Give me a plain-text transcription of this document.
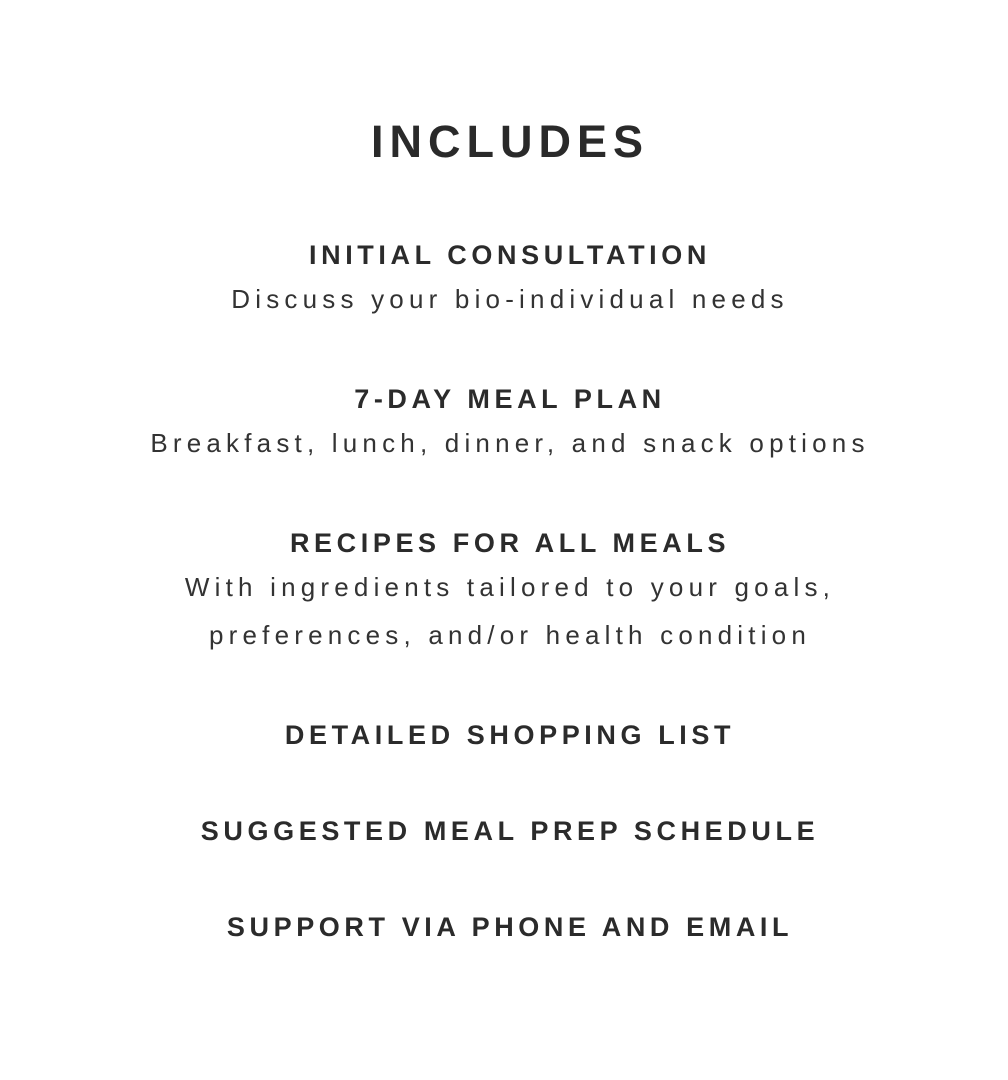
INCLUDES

INITIAL CONSULTATION

Discuss your bio-individual needs

7-DAY MEAL PLAN

Breakfast, lunch, dinner, and snack options

RECIPES FOR ALL MEALS

With ingredients tailored to your goals,

preferences, and/or health condition

DETAILED SHOPPING LIST

SUGGESTED MEAL PREP SCHEDULE

SUPPORT VIA PHONE AND EMAIL
